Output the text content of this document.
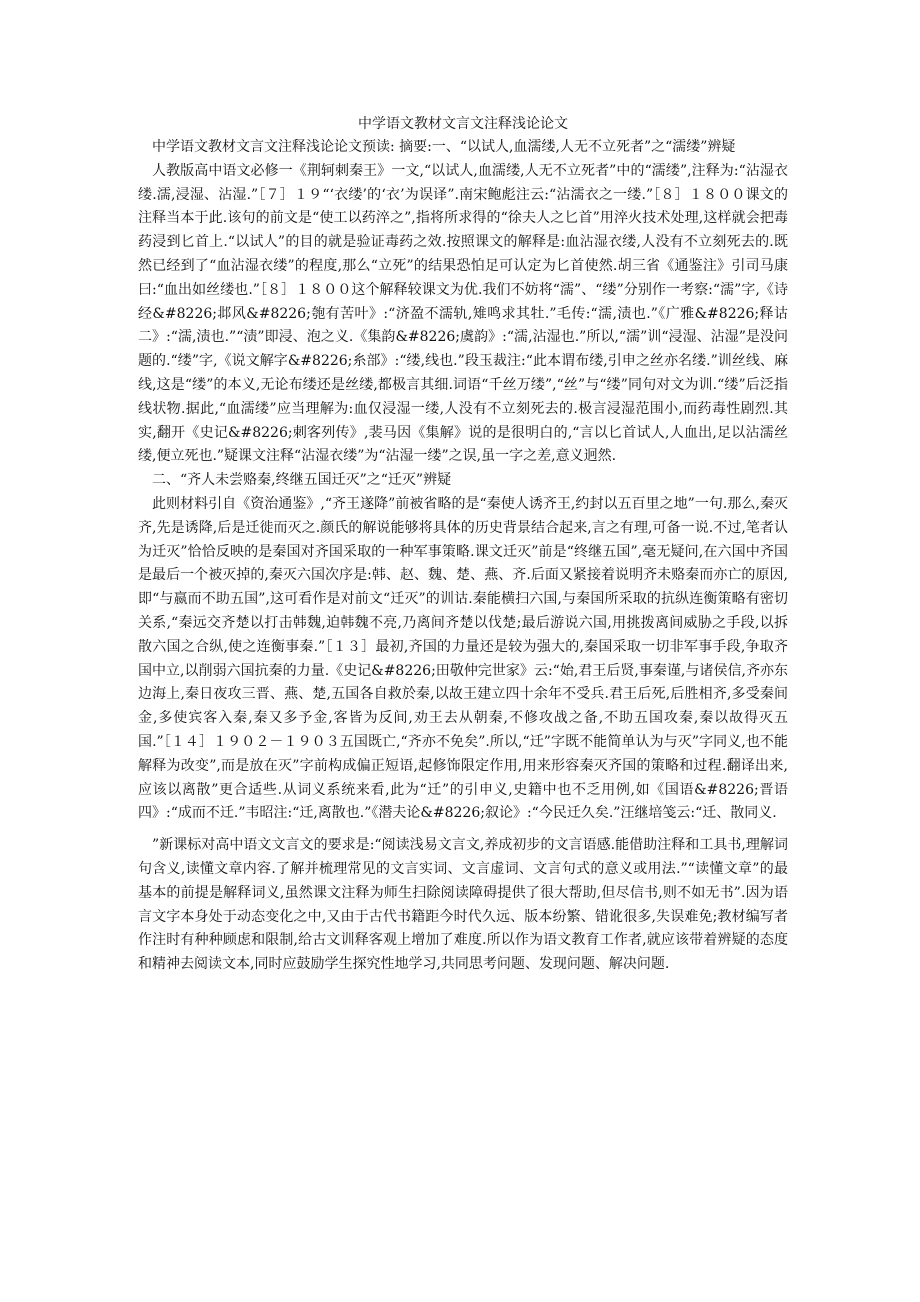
中学语文教材文言文注释浅论论文

中学语文教材文言文注释浅论论文预读: 摘要:一、“以试人,血濡缕,人无不立死者”之“濡缕”辨疑

人教版高中语文必修一《荆轲刺秦王》一文,“以试人,血濡缕,人无不立死者”中的“濡缕”,注释为:“沾湿衣缕.濡,浸湿、沾湿.”［７］１９“‘衣缕’的‘衣’为误译”.南宋鲍彪注云:“沾濡衣之一缕.”［８］１８００课文的注释当本于此.该句的前文是“使工以药淬之”,指将所求得的“徐夫人之匕首”用淬火技术处理,这样就会把毒药浸到匕首上.“以试人”的目的就是验证毒药之效.按照课文的解释是:血沾湿衣缕,人没有不立刻死去的.既然已经到了“血沾湿衣缕”的程度,那么“立死”的结果恐怕足可认定为匕首使然.胡三省《通鉴注》引司马康曰:“血出如丝缕也.”［８］１８００这个解释较课文为优.我们不妨将“濡”、“缕”分别作一考察:“濡”字,《诗经&#8226;邶风&#8226;匏有苦叶》:“济盈不濡轨,雉鸣求其牡.”毛传:“濡,渍也.”《广雅&#8226;释诂二》:“濡,渍也.”“渍”即浸、泡之义.《集韵&#8226;虞韵》:“濡,沾湿也.”所以,“濡”训“浸湿、沾湿”是没问题的.“缕”字,《说文解字&#8226;糸部》:“缕,线也.”段玉裁注:“此本谓布缕,引申之丝亦名缕.”训丝线、麻线,这是“缕”的本义,无论布缕还是丝缕,都极言其细.词语“千丝万缕”,“丝”与“缕”同句对文为训.“缕”后泛指线状物.据此,“血濡缕”应当理解为:血仅浸湿一缕,人没有不立刻死去的.极言浸湿范围小,而药毒性剧烈.其实,翻开《史记&#8226;刺客列传》,裴马因《集解》说的是很明白的,“言以匕首试人,人血出,足以沾濡丝缕,便立死也.”疑课文注释“沾湿衣缕”为“沾湿一缕”之误,虽一字之差,意义迥然.

二、“齐人未尝赂秦,终继五国迁灭”之“迁灭”辨疑

此则材料引自《资治通鉴》,“齐王遂降”前被省略的是“秦使人诱齐王,约封以五百里之地”一句.那么,秦灭齐,先是诱降,后是迁徙而灭之.颜氏的解说能够将具体的历史背景结合起来,言之有理,可备一说.不过,笔者认为迁灭”恰恰反映的是秦国对齐国采取的一种军事策略.课文迁灭”前是“终继五国”,毫无疑问,在六国中齐国是最后一个被灭掉的,秦灭六国次序是:韩、赵、魏、楚、燕、齐.后面又紧接着说明齐未赂秦而亦亡的原因,即“与嬴而不助五国”,这可看作是对前文“迁灭”的训诂.秦能横扫六国,与秦国所采取的抗纵连衡策略有密切关系,“秦远交齐楚以打击韩魏,迫韩魏不亮,乃离间齐楚以伐楚;最后游说六国,用挑拨离间威胁之手段,以拆散六国之合纵,使之连衡事秦.”［１３］最初,齐国的力量还是较为强大的,秦国采取一切非军事手段,争取齐国中立,以削弱六国抗秦的力量.《史记&#8226;田敬仲完世家》云:“始,君王后贤,事秦谨,与诸侯信,齐亦东边海上,秦日夜攻三晋、燕、楚,五国各自救於秦,以故王建立四十余年不受兵.君王后死,后胜相齐,多受秦间金,多使宾客入秦,秦又多予金,客皆为反间,劝王去从朝秦,不修攻战之备,不助五国攻秦,秦以故得灭五国.”［１４］１９０２－１９０３五国既亡,“齐亦不免矣”.所以,“迁”字既不能简单认为与灭”字同义,也不能解释为改变”,而是放在灭”字前构成偏正短语,起修饰限定作用,用来形容秦灭齐国的策略和过程.翻译出来,应该以离散”更合适些.从词义系统来看,此为“迁”的引申义,史籍中也不乏用例,如《国语&#8226;晋语四》:“成而不迁.”韦昭注:“迁,离散也.”《潜夫论&#8226;叙论》:“今民迁久矣.”汪继培笺云:“迁、散同义.

”新课标对高中语文文言文的要求是:“阅读浅易文言文,养成初步的文言语感.能借助注释和工具书,理解词句含义,读懂文章内容.了解并梳理常见的文言实词、文言虚词、文言句式的意义或用法.”“读懂文章”的最基本的前提是解释词义,虽然课文注释为师生扫除阅读障碍提供了很大帮助,但尽信书,则不如无书”.因为语言文字本身处于动态变化之中,又由于古代书籍距今时代久远、版本纷繁、错讹很多,失误难免;教材编写者作注时有种种顾虑和限制,给古文训释客观上增加了难度.所以作为语文教育工作者,就应该带着辨疑的态度和精神去阅读文本,同时应鼓励学生探究性地学习,共同思考问题、发现问题、解决问题.
